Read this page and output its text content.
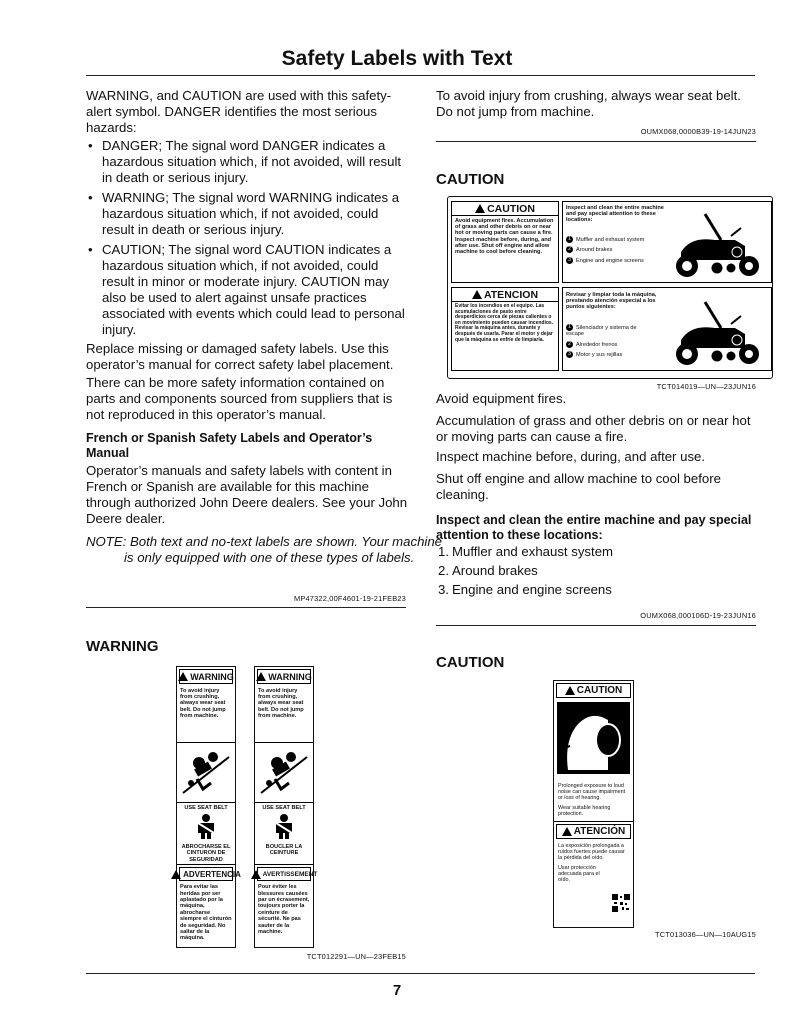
Safety Labels with Text
WARNING, and CAUTION are used with this safety-alert symbol. DANGER identifies the most serious hazards:
• DANGER; The signal word DANGER indicates a hazardous situation which, if not avoided, will result in death or serious injury.
• WARNING; The signal word WARNING indicates a hazardous situation which, if not avoided, could result in death or serious injury.
• CAUTION; The signal word CAUTION indicates a hazardous situation which, if not avoided, could result in minor or moderate injury. CAUTION may also be used to alert against unsafe practices associated with events which could lead to personal injury.
Replace missing or damaged safety labels. Use this operator’s manual for correct safety label placement.
There can be more safety information contained on parts and components sourced from suppliers that is not reproduced in this operator’s manual.
French or Spanish Safety Labels and Operator’s Manual
Operator’s manuals and safety labels with content in French or Spanish are available for this machine through authorized John Deere dealers. See your John Deere dealer.
NOTE: Both text and no-text labels are shown. Your machine is only equipped with one of these types of labels.
MP47322,00F4601-19-21FEB23
WARNING
WARNING
To avoid injury from crushing, always wear seat belt. Do not jump from machine.
USE SEAT BELT
ABROCHARSE EL CINTURON DE SEGURIDAD
ADVERTENCIA
Para evitar las heridas por ser aplastado por la máquina, abrocharse siempre el cinturón de seguridad. No saltar de la máquina.
WARNING
To avoid injury from crushing, always wear seat belt. Do not jump from machine.
USE SEAT BELT
BOUCLER LA CEINTURE
AVERTISSEMENT
Pour éviter les blessures causées par un écrasement, toujours porter la ceinture de sécurité. Ne pas sauter de la machine.
TCT012291—UN—23FEB15
To avoid injury from crushing, always wear seat belt. Do not jump from machine.
OUMX068,0000B39-19-14JUN23
CAUTION
CAUTION
Avoid equipment fires. Accumulation of grass and other debris on or near hot or moving parts can cause a fire. Inspect machine before, during, and after use. Shut off engine and allow machine to cool before cleaning.
Inspect and clean the entire machine and pay special attention to these locations:
1 Muffler and exhaust system
2 Around brakes
3 Engine and engine screens
ATENCION
Evitar los incendios en el equipo. Las acumulaciones de pasto entre desperdicios cerca de piezas calientes o en movimiento pueden causar incendios. Revisar la máquina antes, durante y después de usarla. Parar el motor y dejar que la máquina se enfríe de limpiarla.
Revisar y limpiar toda la máquina, prestando atención especial a los puntos siguientes:
1 Silenciador y sistema de escape
2 Alrededor frenos
3 Motor y sus rejillas
TCT014019—UN—23JUN16
Avoid equipment fires.
Accumulation of grass and other debris on or near hot or moving parts can cause a fire.
Inspect machine before, during, and after use.
Shut off engine and allow machine to cool before cleaning.
Inspect and clean the entire machine and pay special attention to these locations:
1. Muffler and exhaust system
2. Around brakes
3. Engine and engine screens
OUMX068,000106D-19-23JUN16
CAUTION
CAUTION
Prolonged exposure to loud noise can cause impairment or loss of hearing.
Wear suitable hearing protection.
ATENCIÓN
La exposición prolongada a ruidos fuertes puede causar la pérdida del oído.
Usar protección adecuada para el oído.
TCT013036—UN—10AUG15
7
